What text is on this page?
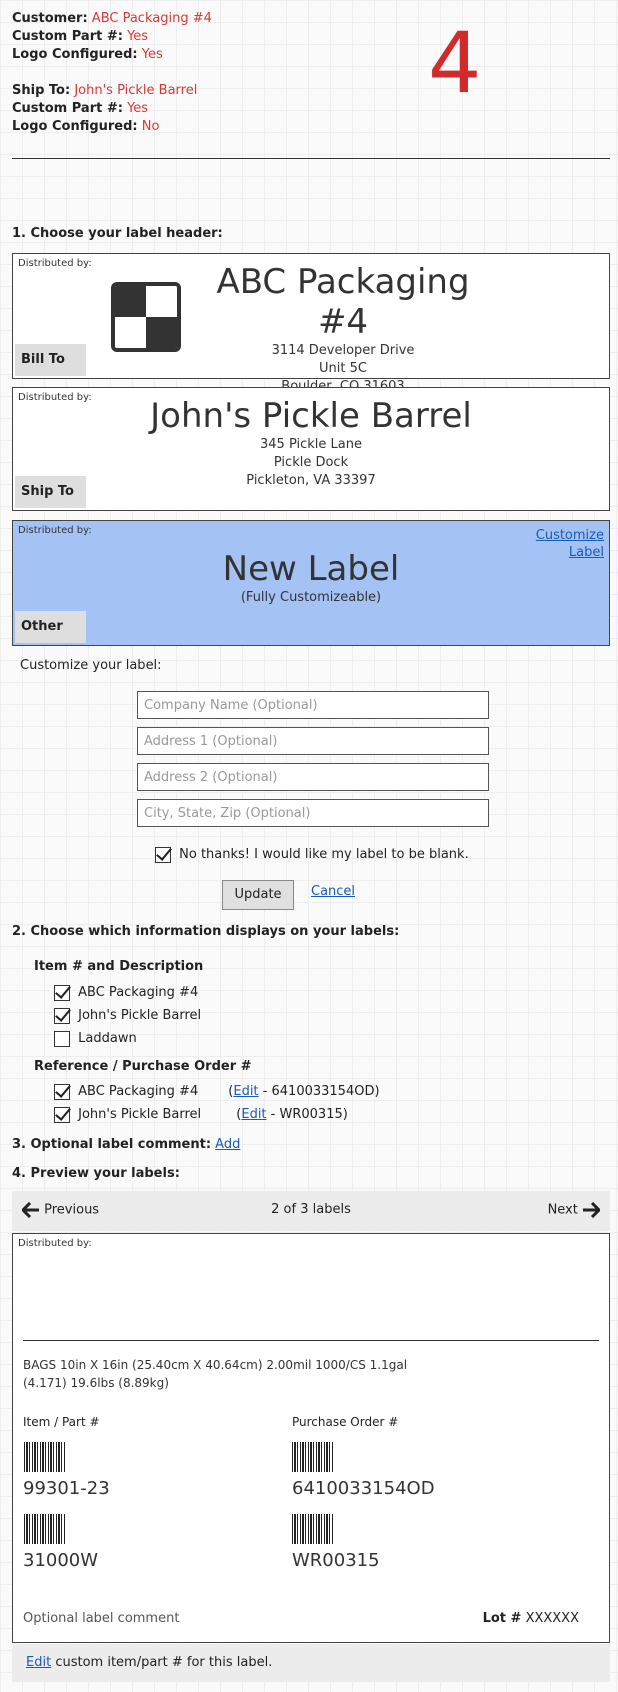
Customer: ABC Packaging #4
Custom Part #: Yes
Logo Configured: Yes
Ship To: John's Pickle Barrel
Custom Part #: Yes
Logo Configured: No
4
1. Choose your label header:
Distributed by:	ABC Packaging #4
3114 Developer Drive
Unit 5C
Bill To
Distributed by:	John's Pickle Barrel
345 Pickle Lane
Pickle Dock
Pickleton, VA 33397
Ship To
Distributed by:	Customize
Label
New Label
(Fully Customizeable)
Other
Customize your label:
Company Name (Optional)
Address 1 (Optional)
Address 2 (Optional)
City, State, Zip (Optional)
No thanks! I would like my label to be blank.
Update	Cancel
2. Choose which information displays on your labels:
Item # and Description
ABC Packaging #4
John's Pickle Barrel
Laddawn
Reference / Purchase Order #
ABC Packaging #4 (Edit - 6410033154OD)
John's Pickle Barrel	(Edit - WR00315)
3. Optional label comment: Add
4. Preview your labels:
Previous	2 of 3 labels	Next
Distributed by:
BAGS 10in X 16in (25.40cm X 40.64cm) 2.00mil 1000/CS 1.1gal
(4.171) 19.6lbs (8.89kg)
Item / Part #	Purchase Order #
99301-23	6410033154OD
31000W	WR00315
Optional label comment	Lot # XXXXXX
Edit custom item/part # for this label.
